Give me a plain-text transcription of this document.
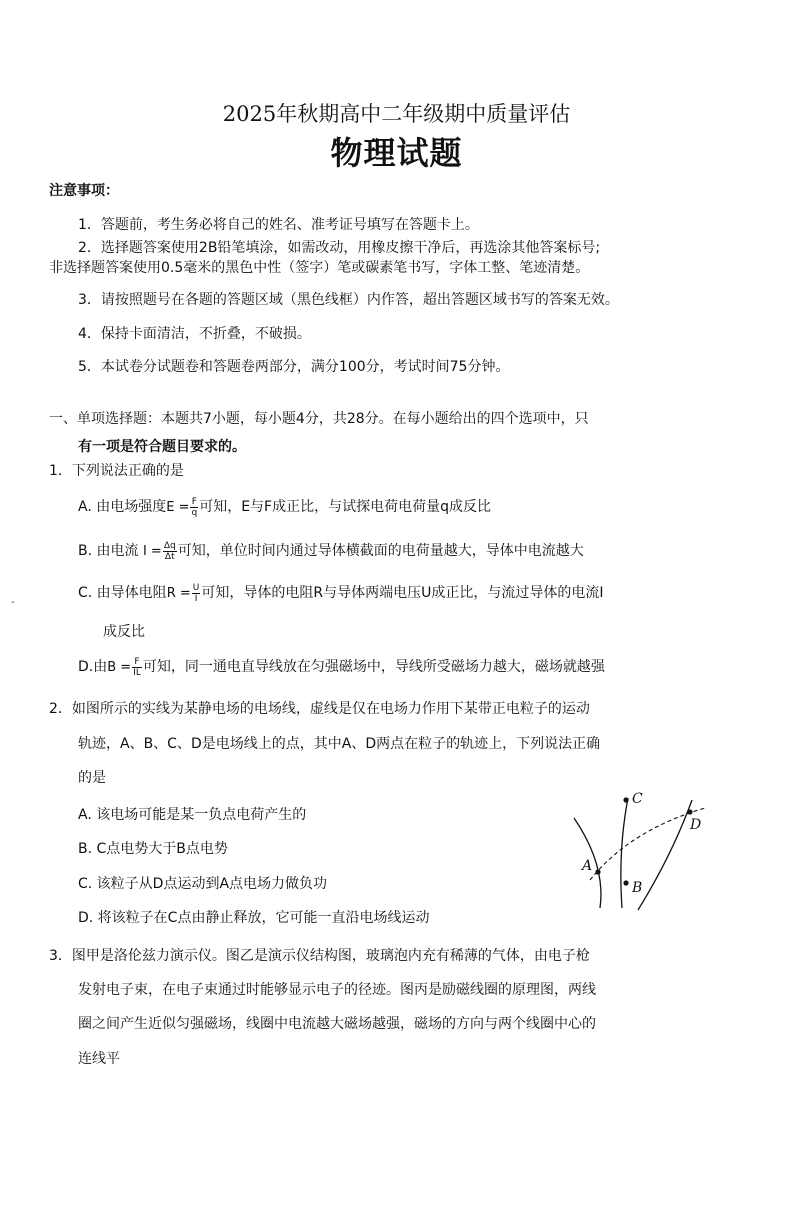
2025年秋期高中二年级期中质量评估
物理试题
注意事项：
1．答题前，考生务必将自己的姓名、准考证号填写在答题卡上。
2．选择题答案使用2B铅笔填涂，如需改动，用橡皮擦干净后，再选涂其他答案标号;
非选择题答案使用0.5毫米的黑色中性（签字）笔或碳素笔书写，字体工整、笔迹清楚。
3．请按照题号在各题的答题区域（黑色线框）内作答，超出答题区域书写的答案无效。
4．保持卡面清洁，不折叠，不破损。
5．本试卷分试题卷和答题卷两部分，满分100分，考试时间75分钟。
一、单项选择题：本题共7小题，每小题4分，共28分。在每小题给出的四个选项中，只
有一项是符合题目要求的。
1．下列说法正确的是
A. 由电场强度$E = \frac{F}{q}$ 可知，E与F成正比，与试探电荷电荷量q成反比
B. 由电流 $I = \frac{\Delta q}{\Delta t}$ 可知，单位时间内通过导体横截面的电荷量越大，导体中电流越大
C. 由导体电阻$R = \frac{U}{I}$ 可知，导体的电阻R与导体两端电压U成正比，与流过导体的电流I
成反比
D.由$B = \frac{F}{IL}$ 可知，同一通电直导线放在匀强磁场中，导线所受磁场力越大，磁场就越强
2．如图所示的实线为某静电场的电场线，虚线是仅在电场力作用下某带正电粒子的运动
轨迹，A、B、C、D是电场线上的点，其中A、D两点在粒子的轨迹上，下列说法正确
的是
A. 该电场可能是某一负点电荷产生的
B. C点电势大于B点电势
C. 该粒子从D点运动到A点电场力做负功
D. 将该粒子在C点由静止释放，它可能一直沿电场线运动
A
C
B
D
3．图甲是洛伦兹力演示仪。图乙是演示仪结构图，玻璃泡内充有稀薄的气体，由电子枪
发射电子束，在电子束通过时能够显示电子的径迹。图丙是励磁线圈的原理图，两线
圈之间产生近似匀强磁场，线圈中电流越大磁场越强，磁场的方向与两个线圈中心的
连线平
-
